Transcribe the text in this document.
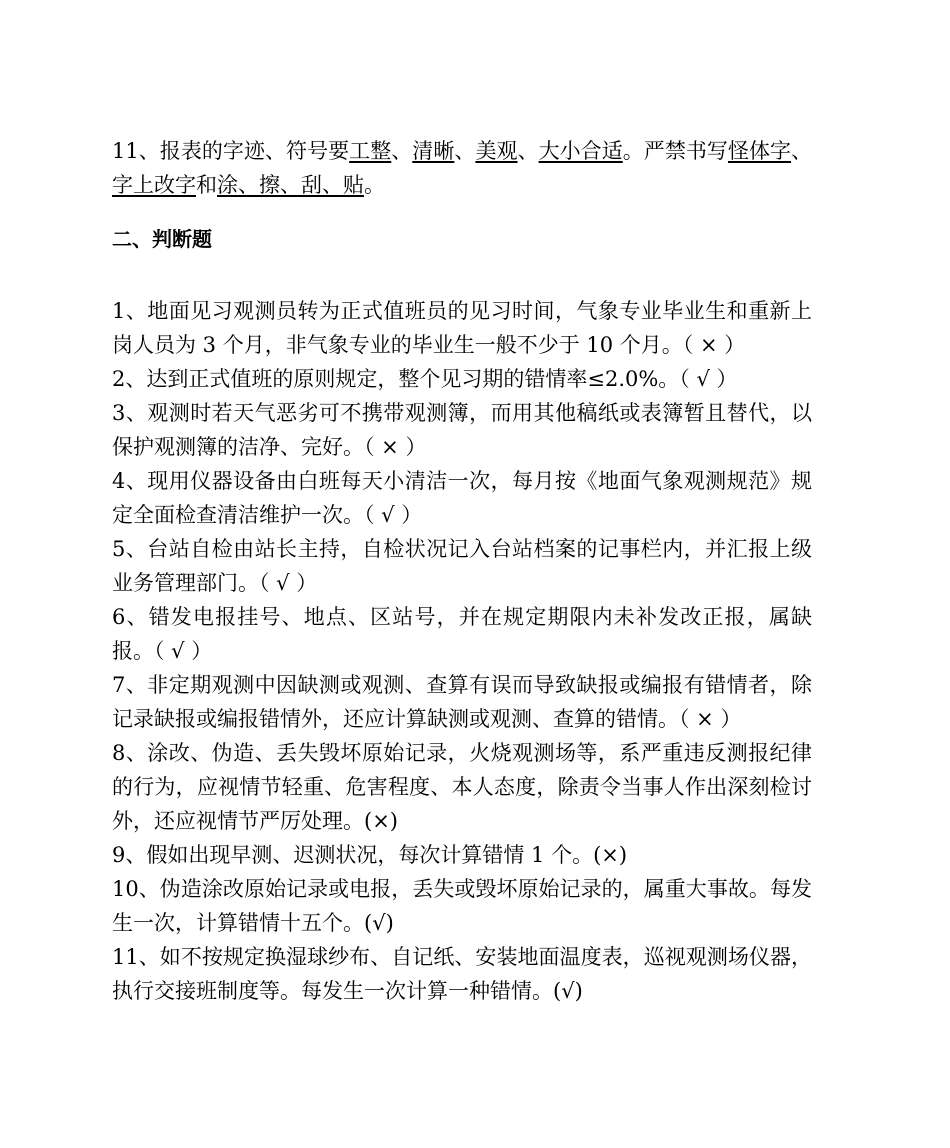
11、报表的字迹、符号要工整、清晰、美观、大小合适。严禁书写怪体字、字上改字和涂、擦、刮、贴。

二、判断题

1、地面见习观测员转为正式值班员的见习时间，气象专业毕业生和重新上岗人员为 3 个月，非气象专业的毕业生一般不少于 10 个月。（ × ）

2、达到正式值班的原则规定，整个见习期的错情率≤2.0%。（ √ ）

3、观测时若天气恶劣可不携带观测簿，而用其他稿纸或表簿暂且替代，以保护观测簿的洁净、完好。（ × ）

4、现用仪器设备由白班每天小清洁一次，每月按《地面气象观测规范》规定全面检查清洁维护一次。（ √ ）

5、台站自检由站长主持，自检状况记入台站档案的记事栏内，并汇报上级业务管理部门。（ √ ）

6、错发电报挂号、地点、区站号，并在规定期限内未补发改正报，属缺报。（ √ ）

7、非定期观测中因缺测或观测、查算有误而导致缺报或编报有错情者，除记录缺报或编报错情外，还应计算缺测或观测、查算的错情。（ × ）

8、涂改、伪造、丢失毁坏原始记录，火烧观测场等，系严重违反测报纪律的行为，应视情节轻重、危害程度、本人态度，除责令当事人作出深刻检讨外，还应视情节严厉处理。(×)

9、假如出现早测、迟测状况，每次计算错情 1 个。(×)

10、伪造涂改原始记录或电报，丢失或毁坏原始记录的，属重大事故。每发生一次，计算错情十五个。(√)

11、如不按规定换湿球纱布、自记纸、安装地面温度表，巡视观测场仪器，执行交接班制度等。每发生一次计算一种错情。(√)
